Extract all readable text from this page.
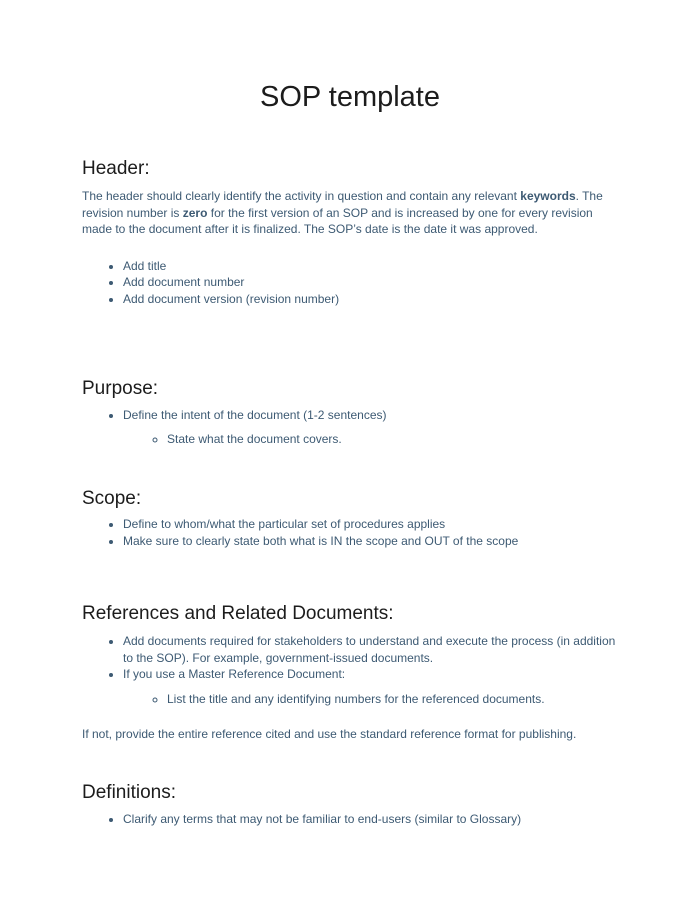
SOP template
Header:

The header should clearly identify the activity in question and contain any relevant keywords. The revision number is zero for the first version of an SOP and is increased by one for every revision made to the document after it is finalized. The SOP’s date is the date it was approved.

• Add title
• Add document number
• Add document version (revision number)
Purpose:
• Define the intent of the document (1-2 sentences)
◦ State what the document covers.
Scope:
• Define to whom/what the particular set of procedures applies
• Make sure to clearly state both what is IN the scope and OUT of the scope
References and Related Documents:
• Add documents required for stakeholders to understand and execute the process (in addition to the SOP). For example, government-issued documents.
• If you use a Master Reference Document:
◦ List the title and any identifying numbers for the referenced documents.

If not, provide the entire reference cited and use the standard reference format for publishing.

Definitions:
• Clarify any terms that may not be familiar to end-users (similar to Glossary)
